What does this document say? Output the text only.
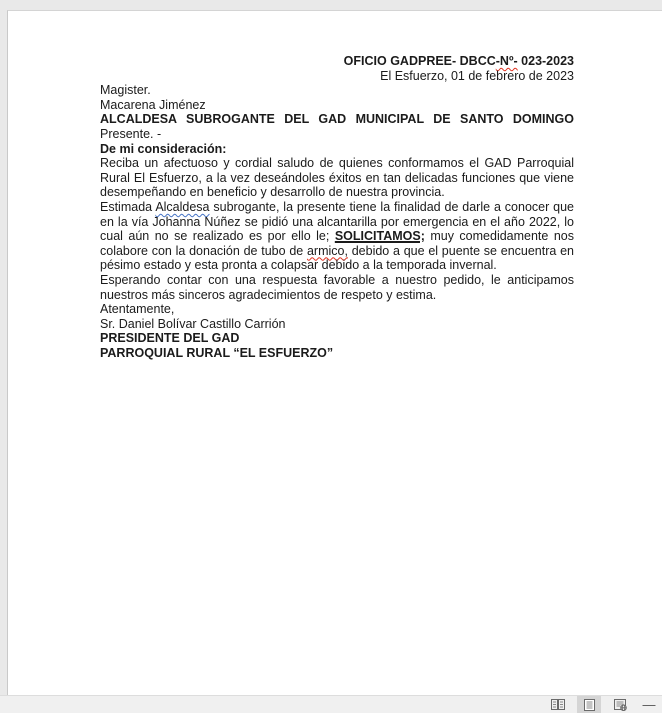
OFICIO GADPREE- DBCC-Nº- 023-2023
El Esfuerzo, 01 de febrero de 2023
Magister.
Macarena Jiménez
ALCALDESA SUBROGANTE DEL GAD MUNICIPAL DE SANTO DOMINGO
Presente. -
De mi consideración:

Reciba un afectuoso y cordial saludo de quienes conformamos el GAD Parroquial Rural El Esfuerzo, a la vez deseándoles éxitos en tan delicadas funciones que viene desempeñando en beneficio y desarrollo de nuestra provincia.

Estimada Alcaldesa subrogante, la presente tiene la finalidad de darle a conocer que en la vía Johanna Núñez se pidió una alcantarilla por emergencia en el año 2022, lo cual aún no se realizado es por ello le; SOLICITAMOS; muy comedidamente nos colabore con la donación de tubo de armico, debido a que el puente se encuentra en pésimo estado y esta pronta a colapsar debido a la temporada invernal.

Esperando contar con una respuesta favorable a nuestro pedido, le anticipamos nuestros más sinceros agradecimientos de respeto y estima.

Atentamente,
Sr. Daniel Bolívar Castillo Carrión
PRESIDENTE DEL GAD
PARROQUIAL RURAL “EL ESFUERZO”
—
